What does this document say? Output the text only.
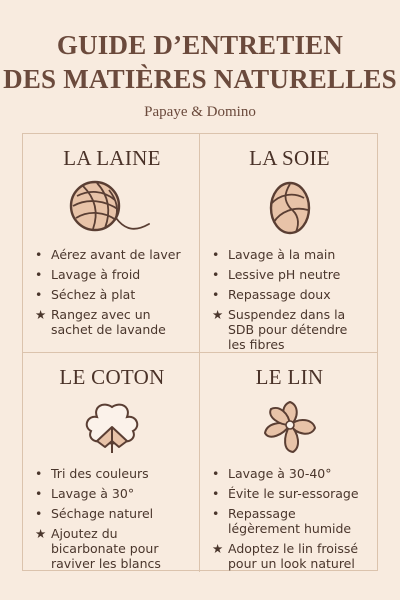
GUIDE D’ENTRETIEN
DES MATIÈRES NATURELLES
Papaye & Domino
LA LAINE
• Aérez avant de laver
• Lavage à froid
• Séchez à plat
★ Rangez avec un sachet de lavande
LA SOIE
• Lavage à la main
• Lessive pH neutre
• Repassage doux
★ Suspendez dans la SDB pour détendre les fibres
LE COTON
• Tri des couleurs
• Lavage à 30°
• Séchage naturel
★ Ajoutez du bicarbonate pour raviver les blancs
LE LIN
• Lavage à 30-40°
• Évite le sur-essorage
• Repassage légèrement humide
★ Adoptez le lin froissé pour un look naturel
